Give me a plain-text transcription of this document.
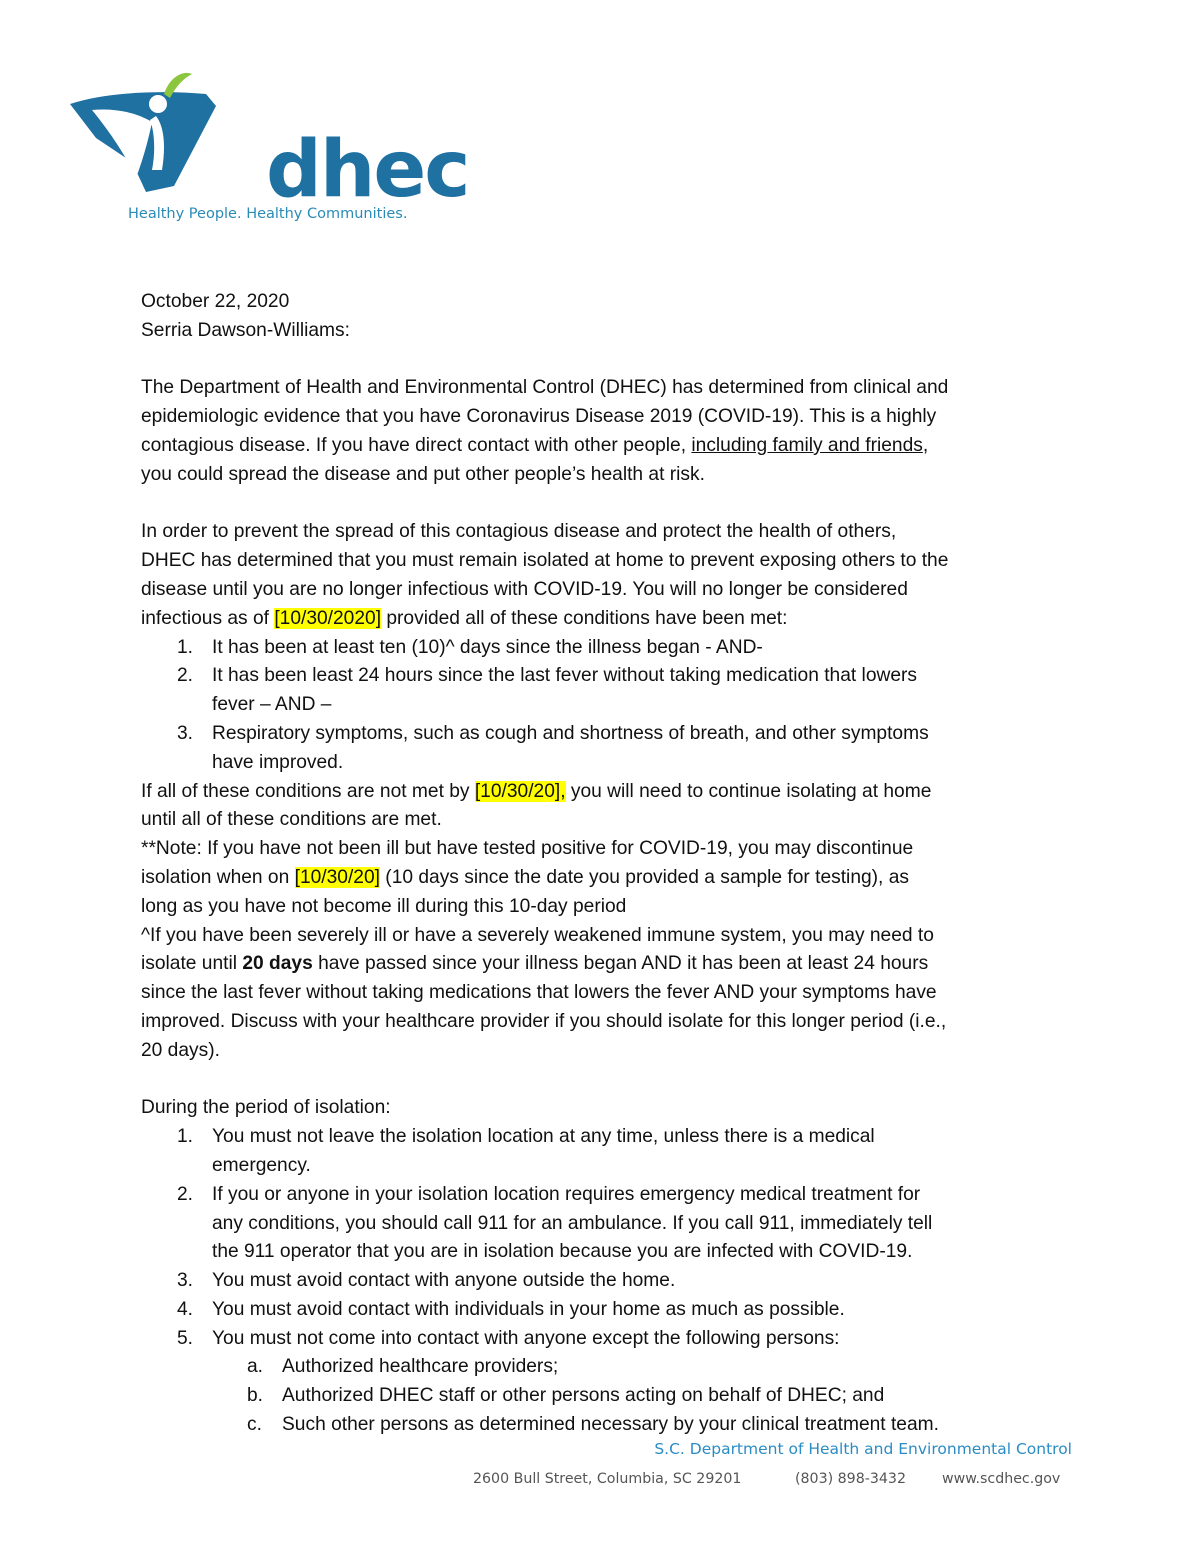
dhec
Healthy People. Healthy Communities.
October 22, 2020
Serria Dawson-Williams:
The Department of Health and Environmental Control (DHEC) has determined from clinical and
epidemiologic evidence that you have Coronavirus Disease 2019 (COVID-19). This is a highly
contagious disease. If you have direct contact with other people, including family and friends,
you could spread the disease and put other people’s health at risk.
In order to prevent the spread of this contagious disease and protect the health of others,
DHEC has determined that you must remain isolated at home to prevent exposing others to the
disease until you are no longer infectious with COVID-19. You will no longer be considered
infectious as of [10/30/2020] provided all of these conditions have been met:
1. It has been at least ten (10)^ days since the illness began - AND-
2. It has been least 24 hours since the last fever without taking medication that lowers
fever – AND –
3. Respiratory symptoms, such as cough and shortness of breath, and other symptoms
have improved.
If all of these conditions are not met by [10/30/20], you will need to continue isolating at home
until all of these conditions are met.
**Note: If you have not been ill but have tested positive for COVID-19, you may discontinue
isolation when on [10/30/20] (10 days since the date you provided a sample for testing), as
long as you have not become ill during this 10-day period
^If you have been severely ill or have a severely weakened immune system, you may need to
isolate until 20 days have passed since your illness began AND it has been at least 24 hours
since the last fever without taking medications that lowers the fever AND your symptoms have
improved. Discuss with your healthcare provider if you should isolate for this longer period (i.e.,
20 days).
During the period of isolation:
1. You must not leave the isolation location at any time, unless there is a medical
emergency.
2. If you or anyone in your isolation location requires emergency medical treatment for
any conditions, you should call 911 for an ambulance. If you call 911, immediately tell
the 911 operator that you are in isolation because you are infected with COVID-19.
3. You must avoid contact with anyone outside the home.
4. You must avoid contact with individuals in your home as much as possible.
5. You must not come into contact with anyone except the following persons:
a. Authorized healthcare providers;
b. Authorized DHEC staff or other persons acting on behalf of DHEC; and
c. Such other persons as determined necessary by your clinical treatment team.
S.C. Department of Health and Environmental Control
2600 Bull Street, Columbia, SC 29201	(803) 898-3432	www.scdhec.gov
